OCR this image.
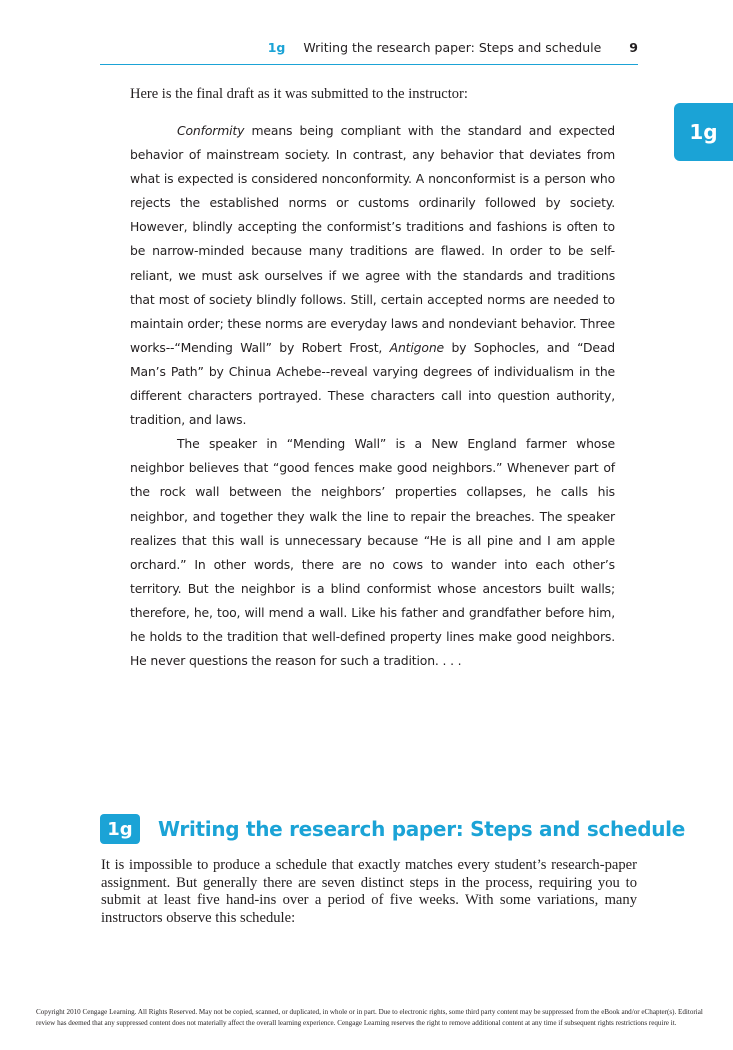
1g Writing the research paper: Steps and schedule 9
1g

Here is the final draft as it was submitted to the instructor:

Conformity means being compliant with the standard and expected behavior of mainstream society. In contrast, any behavior that deviates from what is expected is considered nonconformity. A nonconformist is a person who rejects the established norms or customs ordinarily followed by society. However, blindly accepting the conformist’s traditions and fashions is often to be narrow-minded because many traditions are flawed. In order to be self-reliant, we must ask ourselves if we agree with the standards and traditions that most of society blindly follows. Still, certain accepted norms are needed to maintain order; these norms are everyday laws and nondeviant behavior. Three works--“Mending Wall” by Robert Frost, Antigone by Sophocles, and “Dead Man’s Path” by Chinua Achebe--reveal varying degrees of individualism in the different characters portrayed. These characters call into question authority, tradition, and laws.

The speaker in “Mending Wall” is a New England farmer whose neighbor believes that “good fences make good neighbors.” Whenever part of the rock wall between the neighbors’ properties collapses, he calls his neighbor, and together they walk the line to repair the breaches. The speaker realizes that this wall is unnecessary because “He is all pine and I am apple orchard.” In other words, there are no cows to wander into each other’s territory. But the neighbor is a blind conformist whose ancestors built walls; therefore, he, too, will mend a wall. Like his father and grandfather before him, he holds to the tradition that well-defined property lines make good neighbors. He never questions the reason for such a tradition. . . .

1g	Writing the research paper: Steps and schedule

It is impossible to produce a schedule that exactly matches every student’s research-paper assignment. But generally there are seven distinct steps in the process, requiring you to submit at least five hand-ins over a period of five weeks. With some variations, many instructors observe this schedule:

Copyright 2010 Cengage Learning. All Rights Reserved. May not be copied, scanned, or duplicated, in whole or in part. Due to electronic rights, some third party content may be suppressed from the eBook and/or eChapter(s). Editorial review has deemed that any suppressed content does not materially affect the overall learning experience. Cengage Learning reserves the right to remove additional content at any time if subsequent rights restrictions require it.
